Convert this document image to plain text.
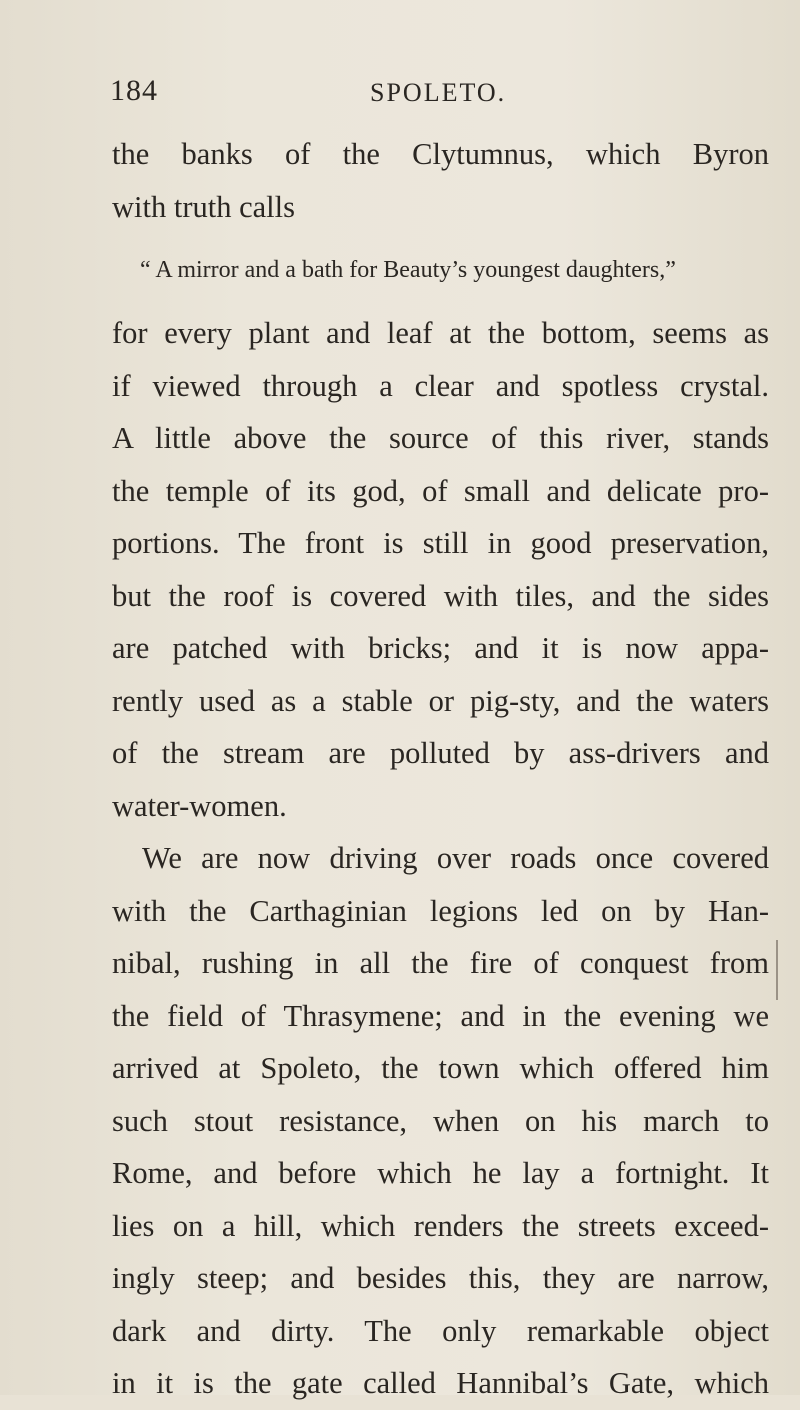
184	SPOLETO.
the banks of the Clytumnus, which Byron
with truth calls
“ A mirror and a bath for Beauty’s youngest daughters,”
for every plant and leaf at the bottom, seems as
if viewed through a clear and spotless crystal.
A little above the source of this river, stands
the temple of its god, of small and delicate pro-
portions. The front is still in good preservation,
but the roof is covered with tiles, and the sides
are patched with bricks; and it is now appa-
rently used as a stable or pig-sty, and the waters
of the stream are polluted by ass-drivers and
water-women.
We are now driving over roads once covered
with the Carthaginian legions led on by Han-
nibal, rushing in all the fire of conquest from
the field of Thrasymene; and in the evening we
arrived at Spoleto, the town which offered him
such stout resistance, when on his march to
Rome, and before which he lay a fortnight. It
lies on a hill, which renders the streets exceed-
ingly steep; and besides this, they are narrow,
dark and dirty. The only remarkable object
in it is the gate called Hannibal’s Gate, which
